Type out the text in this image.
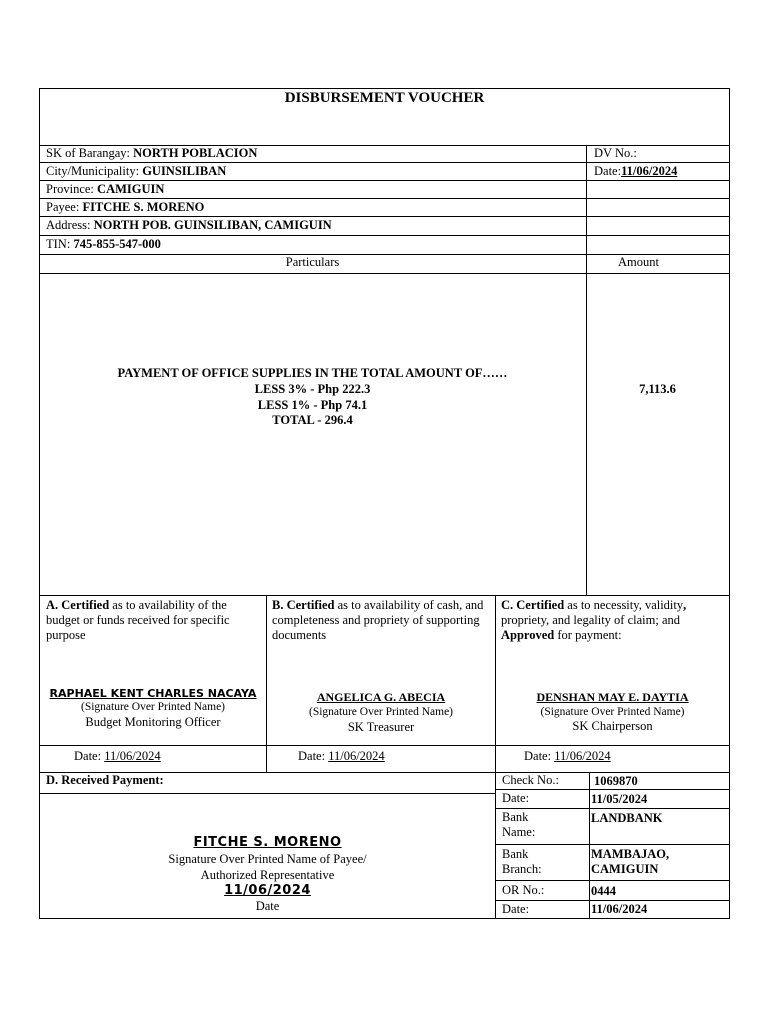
DISBURSEMENT VOUCHER
SK of Barangay: NORTH POBLACION
City/Municipality: GUINSILIBAN
Province: CAMIGUIN
Payee: FITCHE S. MORENO
Address: NORTH POB. GUINSILIBAN, CAMIGUIN
TIN: 745-855-547-000
DV No.:
Date:11/06/2024
Particulars	Amount
PAYMENT OF OFFICE SUPPLIES IN THE TOTAL AMOUNT OF……
LESS 3% - Php 222.3
LESS 1% - Php 74.1
TOTAL - 296.4
7,113.6
A. Certified as to availability of the budget or funds received for specific purpose
RAPHAEL KENT CHARLES NACAYA
(Signature Over Printed Name)
Budget Monitoring Officer
Date: 11/06/2024
B. Certified as to availability of cash, and completeness and propriety of supporting documents
ANGELICA G. ABECIA
(Signature Over Printed Name)
SK Treasurer
Date: 11/06/2024
C. Certified as to necessity, validity, propriety, and legality of claim; and Approved for payment:
DENSHAN MAY E. DAYTIA
(Signature Over Printed Name)
SK Chairperson
Date: 11/06/2024
D. Received Payment:
FITCHE S. MORENO
Signature Over Printed Name of Payee/
Authorized Representative
11/06/2024
Date
Check No.:	1069870
Date:	11/05/2024
Bank
Name:
LANDBANK
Bank
Branch:
MAMBAJAO,
CAMIGUIN
OR No.:	0444
Date:	11/06/2024
